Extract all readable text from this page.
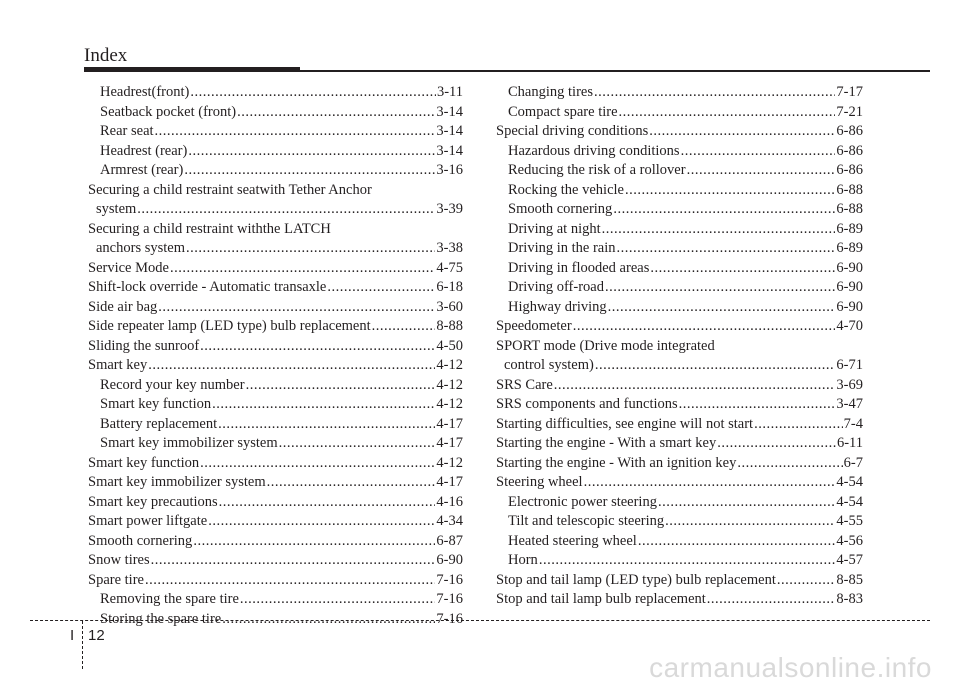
Index
Headrest(front) .....	3-11
Seatback pocket (front) .....	3-14
Rear seat .....	3-14
Headrest (rear) .....	3-14
Armrest (rear) .....	3-16
Securing a child restraint seatwith Tether Anchor
system .....	3-39
Securing a child restraint withthe LATCH
anchors system .....	3-38
Service Mode .....	4-75
Shift-lock override - Automatic transaxle .....	6-18
Side air bag .....	3-60
Side repeater lamp (LED type) bulb replacement .....	8-88
Sliding the sunroof .....	4-50
Smart key .....	4-12
Record your key number .....	4-12
Smart key function .....	4-12
Battery replacement .....	4-17
Smart key immobilizer system .....	4-17
Smart key function .....	4-12
Smart key immobilizer system .....	4-17
Smart key precautions .....	4-16
Smart power liftgate .....	4-34
Smooth cornering .....	6-87
Snow tires .....	6-90
Spare tire .....	7-16
Removing the spare tire .....	7-16
Storing the spare tire .....	7-16
Changing tires .....	7-17
Compact spare tire .....	7-21
Special driving conditions .....	6-86
Hazardous driving conditions .....	6-86
Reducing the risk of a rollover .....	6-86
Rocking the vehicle .....	6-88
Smooth cornering .....	6-88
Driving at night .....	6-89
Driving in the rain .....	6-89
Driving in flooded areas .....	6-90
Driving off-road .....	6-90
Highway driving .....	6-90
Speedometer .....	4-70
SPORT mode (Drive mode integrated
control system) .....	6-71
SRS Care .....	3-69
SRS components and functions .....	3-47
Starting difficulties, see engine will not start .....	7-4
Starting the engine - With a smart key .....	6-11
Starting the engine - With an ignition key .....	6-7
Steering wheel .....	4-54
Electronic power steering .....	4-54
Tilt and telescopic steering .....	4-55
Heated steering wheel .....	4-56
Horn .....	4-57
Stop and tail lamp (LED type) bulb replacement .....	8-85
Stop and tail lamp bulb replacement .....	8-83
I 12
carmanualsonline.info
